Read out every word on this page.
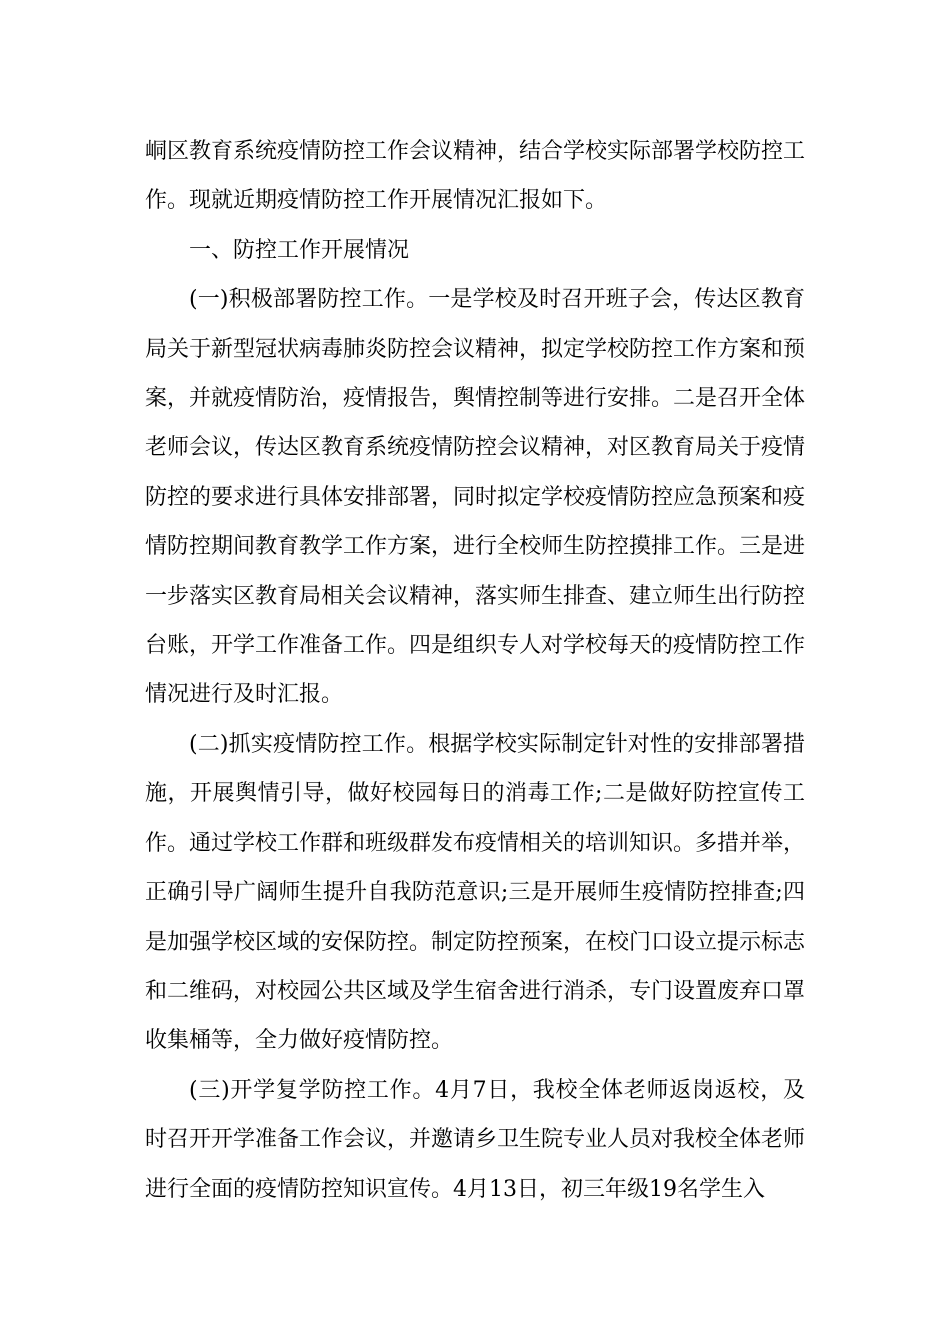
峒区教育系统疫情防控工作会议精神，结合学校实际部署学校防控工作。现就近期疫情防控工作开展情况汇报如下。

一、防控工作开展情况

(一)积极部署防控工作。一是学校及时召开班子会，传达区教育局关于新型冠状病毒肺炎防控会议精神，拟定学校防控工作方案和预案，并就疫情防治，疫情报告，舆情控制等进行安排。二是召开全体老师会议，传达区教育系统疫情防控会议精神，对区教育局关于疫情防控的要求进行具体安排部署，同时拟定学校疫情防控应急预案和疫情防控期间教育教学工作方案，进行全校师生防控摸排工作。三是进一步落实区教育局相关会议精神，落实师生排查、建立师生出行防控台账，开学工作准备工作。四是组织专人对学校每天的疫情防控工作情况进行及时汇报。

(二)抓实疫情防控工作。根据学校实际制定针对性的安排部署措施，开展舆情引导，做好校园每日的消毒工作;二是做好防控宣传工作。通过学校工作群和班级群发布疫情相关的培训知识。多措并举，正确引导广阔师生提升自我防范意识;三是开展师生疫情防控排查;四是加强学校区域的安保防控。制定防控预案，在校门口设立提示标志和二维码，对校园公共区域及学生宿舍进行消杀，专门设置废弃口罩收集桶等，全力做好疫情防控。

(三)开学复学防控工作。4月7日，我校全体老师返岗返校，及时召开开学准备工作会议，并邀请乡卫生院专业人员对我校全体老师进行全面的疫情防控知识宣传。4月13日，初三年级19名学生入
